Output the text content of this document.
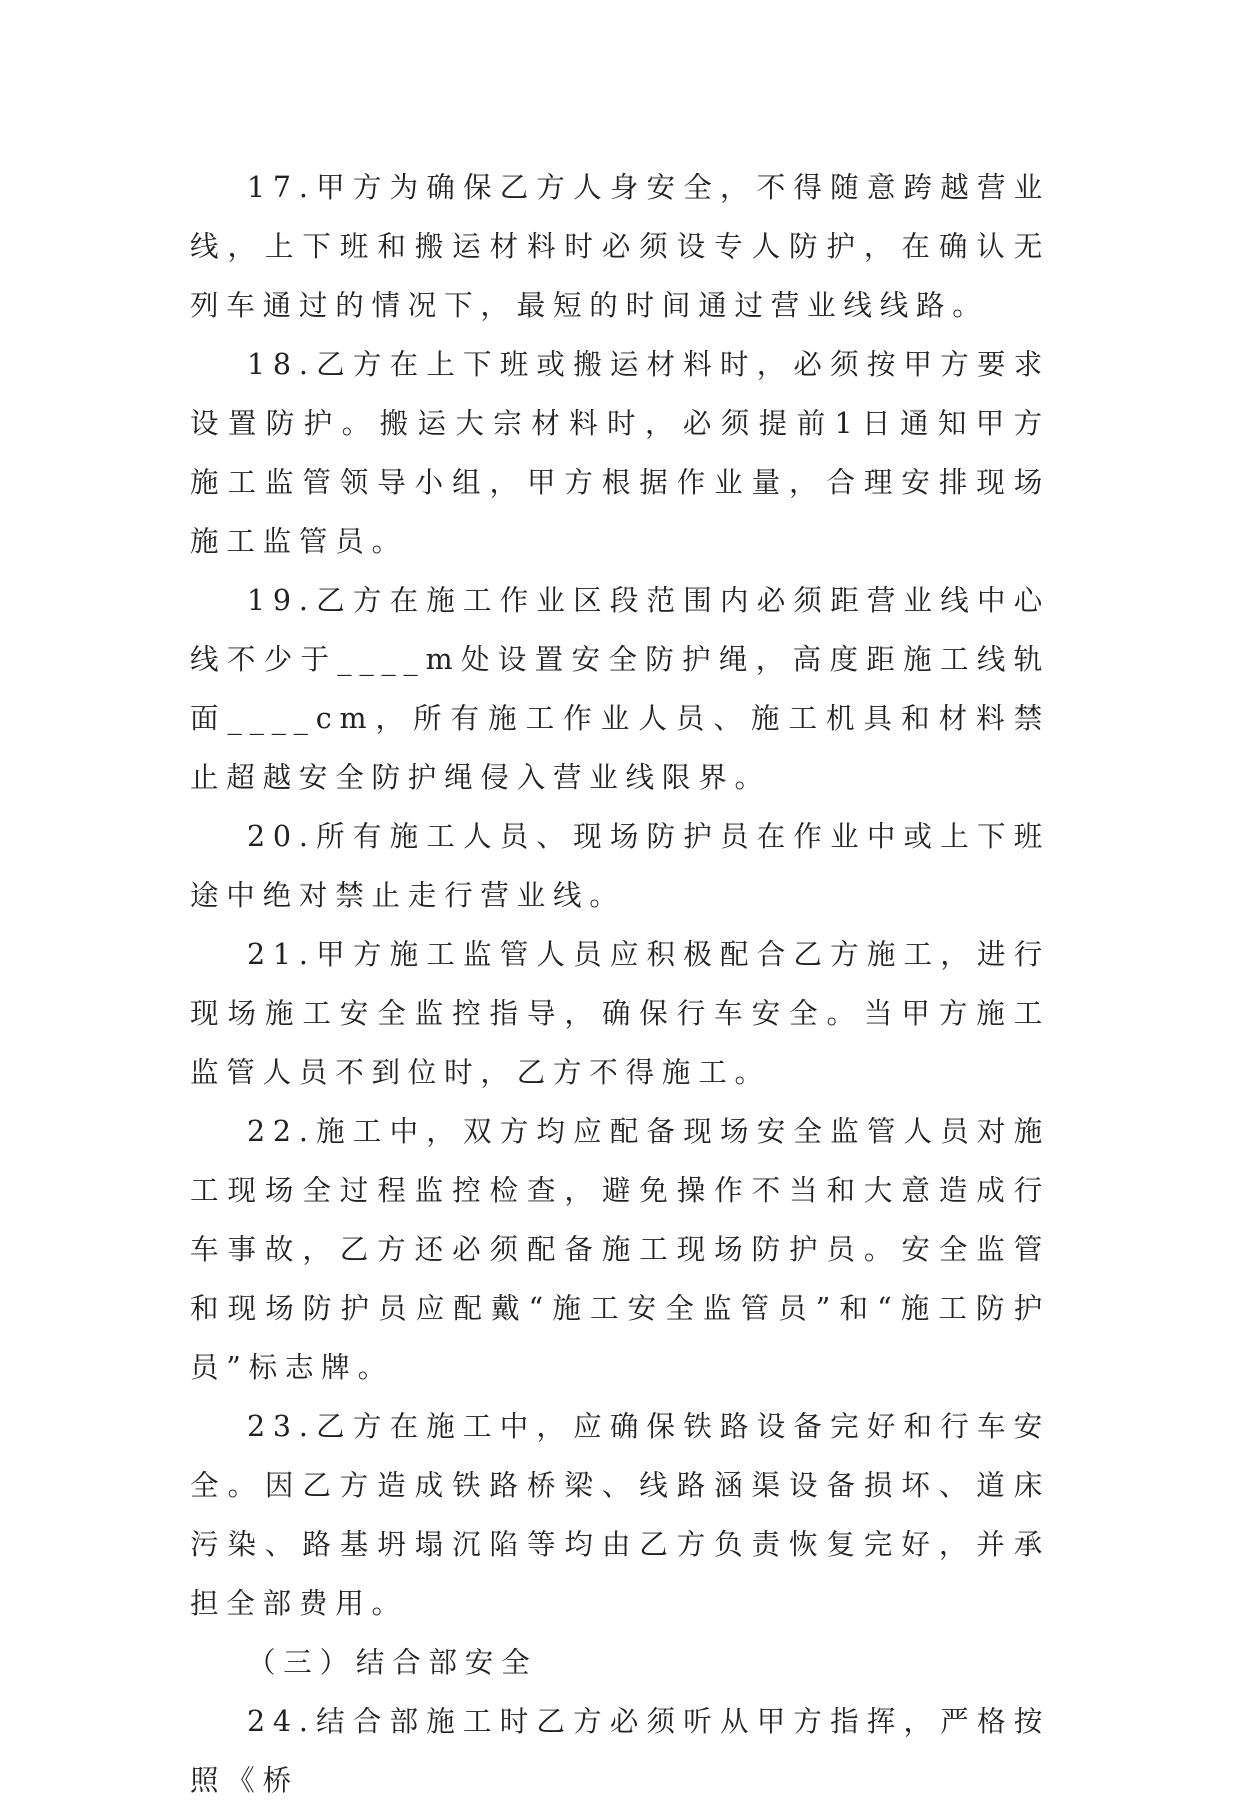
17.甲方为确保乙方人身安全，不得随意跨越营业线，上下班和搬运材料时必须设专人防护，在确认无列车通过的情况下，最短的时间通过营业线线路。

18.乙方在上下班或搬运材料时，必须按甲方要求设置防护。搬运大宗材料时，必须提前1日通知甲方施工监管领导小组，甲方根据作业量，合理安排现场施工监管员。

19.乙方在施工作业区段范围内必须距营业线中心线不少于____m处设置安全防护绳，高度距施工线轨面____cm，所有施工作业人员、施工机具和材料禁止超越安全防护绳侵入营业线限界。

20.所有施工人员、现场防护员在作业中或上下班途中绝对禁止走行营业线。

21.甲方施工监管人员应积极配合乙方施工，进行现场施工安全监控指导，确保行车安全。当甲方施工监管人员不到位时，乙方不得施工。

22.施工中，双方均应配备现场安全监管人员对施工现场全过程监控检查，避免操作不当和大意造成行车事故，乙方还必须配备施工现场防护员。安全监管和现场防护员应配戴“施工安全监管员”和“施工防护员”标志牌。

23.乙方在施工中，应确保铁路设备完好和行车安全。因乙方造成铁路桥梁、线路涵渠设备损坏、道床污染、路基坍塌沉陷等均由乙方负责恢复完好，并承担全部费用。

（三）结合部安全

24.结合部施工时乙方必须听从甲方指挥，严格按照《桥
